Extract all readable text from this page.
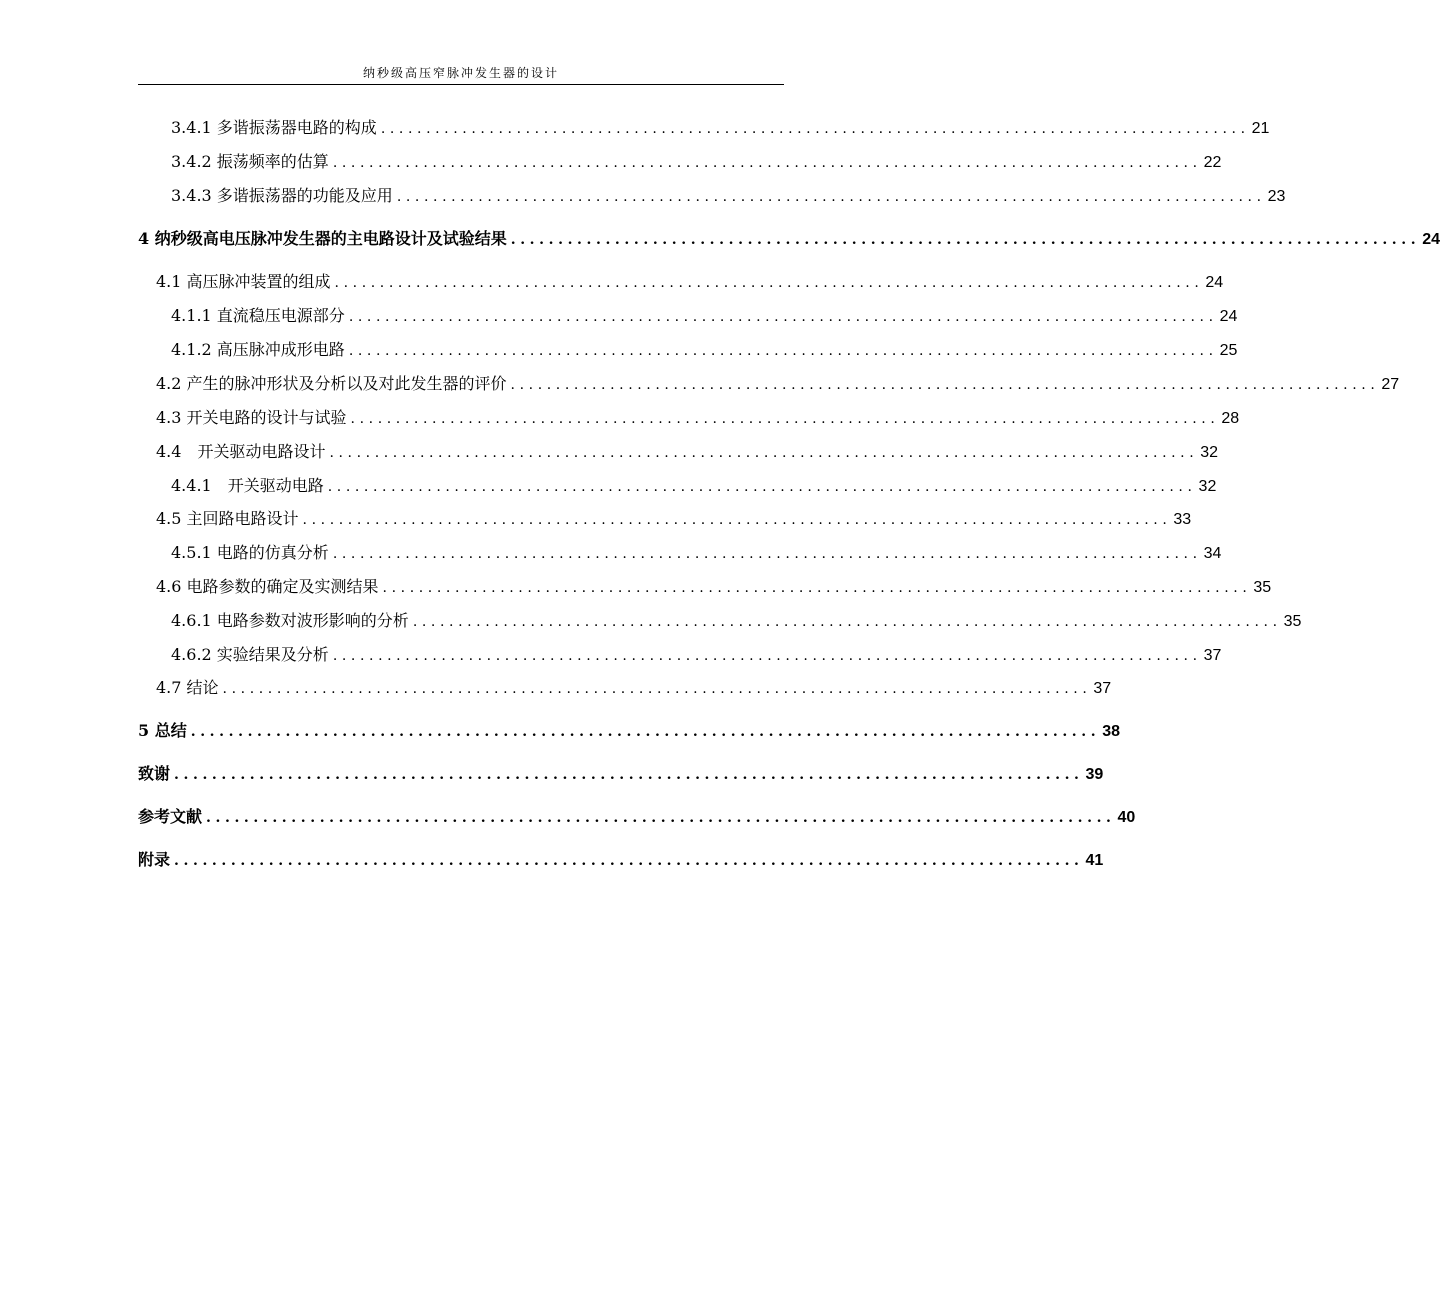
纳秒级高压窄脉冲发生器的设计
3.4.1 多谐振荡器电路的构成 ................................................................................................ 21
3.4.2 振荡频率的估算 ................................................................................................ 22
3.4.3 多谐振荡器的功能及应用 ................................................................................................ 23
4 纳秒级高电压脉冲发生器的主电路设计及试验结果 ................................................................................................ 24
4.1 高压脉冲装置的组成 ................................................................................................ 24
4.1.1 直流稳压电源部分 ................................................................................................ 24
4.1.2 高压脉冲成形电路 ................................................................................................ 25
4.2 产生的脉冲形状及分析以及对此发生器的评价 ................................................................................................ 27
4.3 开关电路的设计与试验 ................................................................................................ 28
4.4　开关驱动电路设计 ................................................................................................ 32
4.4.1　开关驱动电路 ................................................................................................ 32
4.5 主回路电路设计 ................................................................................................ 33
4.5.1 电路的仿真分析 ................................................................................................ 34
4.6 电路参数的确定及实测结果 ................................................................................................ 35
4.6.1 电路参数对波形影响的分析 ................................................................................................ 35
4.6.2 实验结果及分析 ................................................................................................ 37
4.7 结论 ................................................................................................ 37
5 总结 ................................................................................................ 38
致谢 ................................................................................................ 39
参考文献 ................................................................................................ 40
附录 ................................................................................................ 41
